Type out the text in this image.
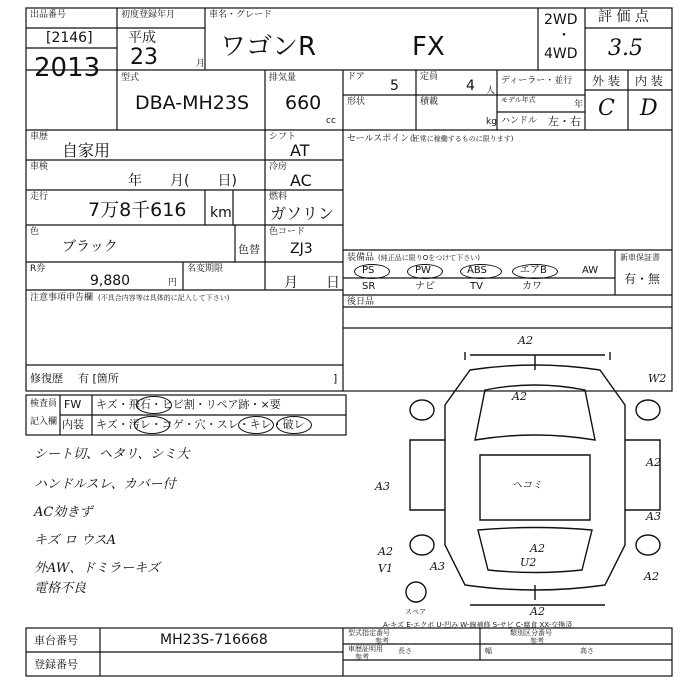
出品番号
[2146]
2013
初度登録年月
平成
23	月
車名・グレード
ワゴンR	FX
2WD
・
4WD
評 価 点
3.5
型式
DBA-MH23S
排気量
660
cc
ドア
5
定員
4 人
形状	積載
kg
ディーラー・並行
モデル年式	年
ハンドル 左・右
外 装 内 装
C D
車歴
自家用
車検
年　　月(　　日)
走行
7万8千616 km
色
ブラック	色替
シフト
AT
冷房
AC
燃料
ガソリン
色コード
ZJ3
R券
9,880	円
名変期限
月　　日
注意事項申告欄 (不具合内容等は具体的に記入して下さい)
修復歴 有 [箇所	]
セールスポイント
(正常に稼働するものに限ります)
装備品 (純正品に限りOをつけて下さい)
PS	PW	ABS	エアB	AW
SR	ナビ	TV	カワ
新車保証書
有・無
後日品
検査員
記入欄
FW キズ・飛石・ヒビ割・リペア跡・×要
内装 キズ・汚レ・コゲ・穴・スレ・キレ・破レ
シート切、ヘタリ、シミ大
ハンドルスレ、カバー付
AC効きず
キズ ロ ウスA
外AW、ドミラーキズ
電格不良
A2
W2
A2
A2
A3
A3
A3
A2	A2
U2
A2
A2
V1
ヘコミ
スペア
A-キズ E-エクボ U-凹み W-線補修 S-サビ C-腐食 XX-交換済
車台番号	MH23S-716668
登録番号
型式指定番号
参考
類別区分番号
参考
車歴証明用
参考
長さ	幅	高さ
